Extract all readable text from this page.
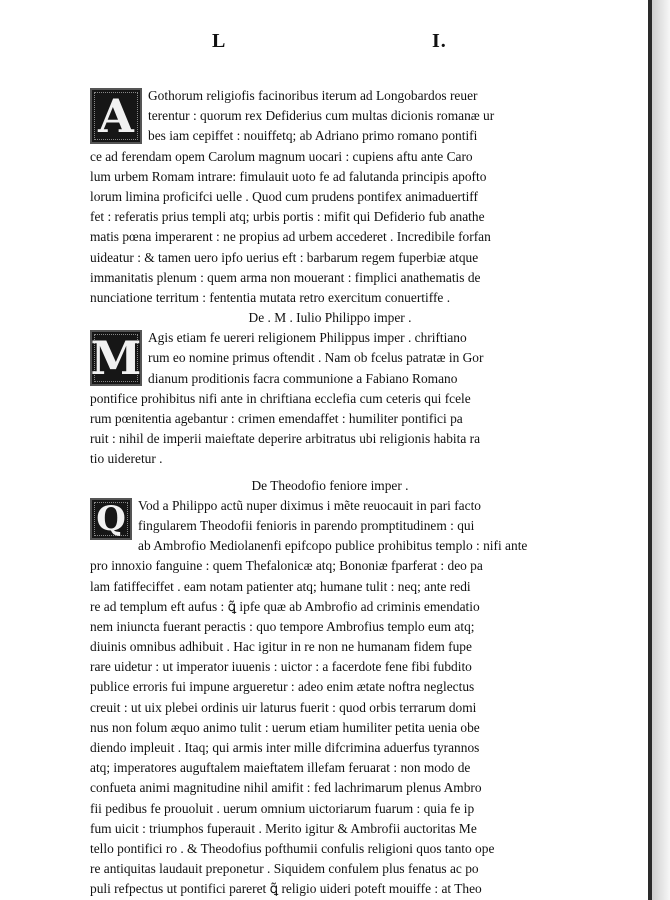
L	I.
A	Gothorum religiofis facinoribus iterum ad Longobardos reuer
terentur : quorum rex Defiderius cum multas dicionis romanæ ur
bes iam cepiffet : nouiffetq; ab Adriano primo romano pontifi
ce ad ferendam opem Carolum magnum uocari : cupiens aftu ante Caro
lum urbem Romam intrare: fimulauit uoto fe ad falutanda principis apofto
lorum limina proficifci uelle . Quod cum prudens pontifex animaduertiff
fet : referatis prius templi atq; urbis portis : mifit qui Defiderio fub anathe
matis pœna imperarent : ne propius ad urbem accederet . Incredibile forfan
uideatur : & tamen uero ipfo uerius eft : barbarum regem fuperbiæ atque
immanitatis plenum : quem arma non mouerant : fimplici anathematis de
nunciatione territum : fententia mutata retro exercitum conuertiffe .
De . M . Iulio Philippo imper .
M Agis etiam fe uereri religionem Philippus imper . chriftiano
rum eo nomine primus oftendit . Nam ob fcelus patratæ in Gor
dianum proditionis facra communione a Fabiano Romano
pontifice prohibitus nifi ante in chriftiana ecclefia cum ceteris qui fcele
rum pœnitentia agebantur : crimen emendaffet : humiliter pontifici pa
ruit : nihil de imperii maieftate deperire arbitratus ubi religionis habita ra
tio uideretur .
De Theodofio feniore imper .
Q Vod a Philippo actũ nuper diximus i mẽte reuocauit in pari facto
fingularem Theodofii fenioris in parendo promptitudinem : qui
ab Ambrofio Mediolanenfi epifcopo publice prohibitus templo : nifi ante
pro innoxio fanguine : quem Thefalonicæ atq; Bononiæ fparferat : deo pa
lam fatiffeciffet . eam notam patienter atq; humane tulit : neq; ante redi
re ad templum eft aufus : ꝗ̃ ipfe quæ ab Ambrofio ad criminis emendatio
nem iniuncta fuerant peractis : quo tempore Ambrofius templo eum atq;
diuinis omnibus adhibuit . Hac igitur in re non ne humanam fidem fupe
rare uidetur : ut imperator iuuenis : uictor : a facerdote fene fibi fubdito
publice erroris fui impune argueretur : adeo enim ætate noftra neglectus
creuit : ut uix plebei ordinis uir laturus fuerit : quod orbis terrarum domi
nus non folum æquo animo tulit : uerum etiam humiliter petita uenia obe
diendo impleuit . Itaq; qui armis inter mille difcrimina aduerfus tyrannos
atq; imperatores auguftalem maieftatem illefam feruarat : non modo de
confueta animi magnitudine nihil amifit : fed lachrimarum plenus Ambro
fii pedibus fe prouoluit . uerum omnium uictoriarum fuarum : quia fe ip
fum uicit : triumphos fuperauit . Merito igitur & Ambrofii auctoritas Me
tello pontifici ro . & Theodofius pofthumii confulis religioni quos tanto ope
re antiquitas laudauit preponetur . Siquidem confulem plus fenatus ac po
puli refpectus ut pontifici pareret ꝗ̃ religio uideri poteft mouiffe : at Theo
